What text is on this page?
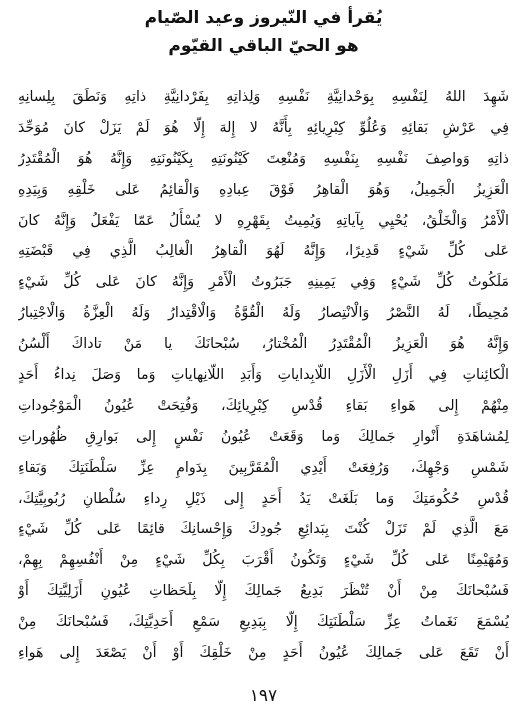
يُقرأ في النّيروز وعيد الصّيام
هو الحيّ الباقي القيّوم
شَهِدَ اللهُ لِنَفْسِهِ بِوَحْدانِيَّةِ نَفْسِهِ وَلِذاتِهِ بِفَرْدانِيَّةِ ذاتِهِ وَنَطَقَ بِلِسانِهِ
فِي عَرْشِ بَقائِهِ وَعُلُوِّ كِبْرِيائِهِ بِأَنَّهُ لا إِلهَ إِلّا هُوَ لَمْ يَزَلْ كانَ مُوَحِّدَ
ذاتِهِ وَواصِفَ نَفْسِهِ بِنَفْسِهِ وَمُنْعِتَ كَيْنُونَتِهِ بِكَيْنُونَتِهِ وَإِنَّهُ هُوَ الْمُقْتَدِرُ
الْعَزِيزُ الْجَمِيلُ، وَهُوَ الْقاهِرُ فَوْقَ عِبادِهِ وَالْقائِمُ عَلى خَلْقِهِ وَبِيَدِهِ
الْأَمْرُ وَالْخَلْقُ، يُحْيِي بِآياتِهِ وَيُمِيتُ بِقَهْرِهِ لا يُسْأَلُ عَمّا يَفْعَلُ وَإِنَّهُ كانَ
عَلى كُلِّ شَيْءٍ قَدِيرًا، وَإِنَّهُ لَهُوَ الْقاهِرُ الْغالِبُ الَّذِي فِي قَبْضَتِهِ
مَلَكُوتُ كُلِّ شَيْءٍ وَفِي يَمِينِهِ جَبَرُوتُ الْأَمْرِ وَإِنَّهُ كانَ عَلى كُلِّ شَيْءٍ
مُحِيطًا، لَهُ النَّصْرُ وَالْانْتِصارُ وَلَهُ الْقُوَّةُ وَالْاقْتِدارُ وَلَهُ الْعِزَّةُ وَالْاجْتِبارُ
وَإِنَّهُ هُوَ الْعَزِيزُ الْمُقْتَدِرُ الْمُخْتارُ، سُبْحانَكَ يا مَنْ تاداكَ أَلْسُنُ
الْكائِناتِ فِي أَزَلِ الْأَزَلِ اللّابِداياتِ وَأَبَدِ اللّانِهاياتِ وَما وَصَلَ نِداءُ أَحَدٍ
مِنْهُمْ إِلى هَواءِ بَقاءِ قُدْسِ كِبْرِيائِكَ، وَفُتِحَتْ عُيُونُ الْمَوْجُوداتِ
لِمُشاهَدَةِ أَنْوارِ جَمالِكَ وَما وَقَعَتْ عُيُونُ نَفْسٍ إِلى بَوارِقِ ظُهُوراتِ
شَمْسِ وَجْهِكَ، وَرُفِعَتْ أَيْدِي الْمُقَرَّبِينَ بِدَوامِ عِزِّ سَلْطَنَتِكَ وَبَقاءِ
قُدْسِ حُكُومَتِكَ وَما بَلَغَتْ يَدُ أَحَدٍ إِلى ذَيْلِ رِداءِ سُلْطانِ رُبُوبِيَّتِكَ،
مَعَ الَّذِي لَمْ تَزَلْ كُنْتَ بِبَدائِعِ جُودِكَ وَإِحْسانِكَ قائِمًا عَلى كُلِّ شَيْءٍ
وَمُهَيْمِنًا عَلى كُلِّ شَيْءٍ وَتَكُونُ أَقْرَبَ بِكُلِّ شَيْءٍ مِنْ أَنْفُسِهِمْ بِهِمْ،
فَسُبْحانَكَ مِنْ أَنْ تُنْظَرَ بَدِيعُ جَمالِكَ إِلّا بِلَحَظاتِ عُيُونِ أَزَلِيَّتِكَ أَوْ
يُسْمَعَ نَغَماتُ عِزِّ سَلْطَنَتِكَ إِلّا بِبَدِيعِ سَمْعِ أَحَدِيَّتِكَ، فَسُبْحانَكَ مِنْ
أَنْ تَقَعَ عَلى جَمالِكَ عُيُونُ أَحَدٍ مِنْ خَلْقِكَ أَوْ أَنْ يَصْعَدَ إِلى هَواءِ
١٩٧
